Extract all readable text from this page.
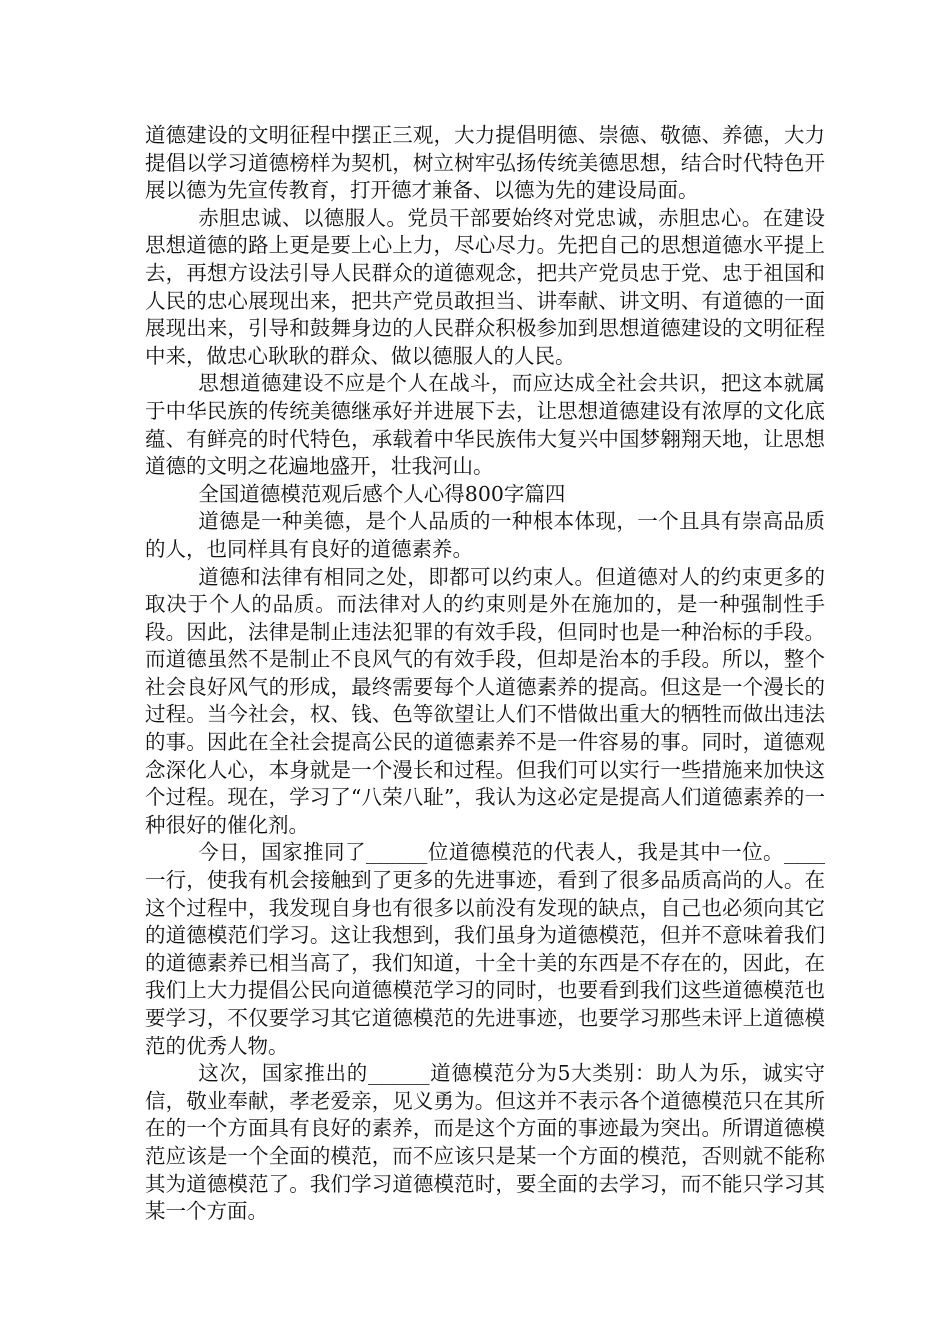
道德建设的文明征程中摆正三观，大力提倡明德、崇德、敬德、养德，大力提倡以学习道德榜样为契机，树立树牢弘扬传统美德思想，结合时代特色开展以德为先宣传教育，打开德才兼备、以德为先的建设局面。

赤胆忠诚、以德服人。党员干部要始终对党忠诚，赤胆忠心。在建设思想道德的路上更是要上心上力，尽心尽力。先把自己的思想道德水平提上去，再想方设法引导人民群众的道德观念，把共产党员忠于党、忠于祖国和人民的忠心展现出来，把共产党员敢担当、讲奉献、讲文明、有道德的一面展现出来，引导和鼓舞身边的人民群众积极参加到思想道德建设的文明征程中来，做忠心耿耿的群众、做以德服人的人民。

思想道德建设不应是个人在战斗，而应达成全社会共识，把这本就属于中华民族的传统美德继承好并进展下去，让思想道德建设有浓厚的文化底蕴、有鲜亮的时代特色，承载着中华民族伟大复兴中国梦翱翔天地，让思想道德的文明之花遍地盛开，壮我河山。

全国道德模范观后感个人心得800字篇四

道德是一种美德，是个人品质的一种根本体现，一个且具有崇高品质的人，也同样具有良好的道德素养。

道德和法律有相同之处，即都可以约束人。但道德对人的约束更多的取决于个人的品质。而法律对人的约束则是外在施加的，是一种强制性手段。因此，法律是制止违法犯罪的有效手段，但同时也是一种治标的手段。而道德虽然不是制止不良风气的有效手段，但却是治本的手段。所以，整个社会良好风气的形成，最终需要每个人道德素养的提高。但这是一个漫长的过程。当今社会，权、钱、色等欲望让人们不惜做出重大的牺牲而做出违法的事。因此在全社会提高公民的道德素养不是一件容易的事。同时，道德观念深化人心，本身就是一个漫长和过程。但我们可以实行一些措施来加快这个过程。现在，学习了“八荣八耻”，我认为这必定是提高人们道德素养的一种很好的催化剂。

今日，国家推同了______位道德模范的代表人，我是其中一位。____一行，使我有机会接触到了更多的先进事迹，看到了很多品质高尚的人。在这个过程中，我发现自身也有很多以前没有发现的缺点，自己也必须向其它的道德模范们学习。这让我想到，我们虽身为道德模范，但并不意味着我们的道德素养已相当高了，我们知道，十全十美的东西是不存在的，因此，在我们上大力提倡公民向道德模范学习的同时，也要看到我们这些道德模范也要学习，不仅要学习其它道德模范的先进事迹，也要学习那些未评上道德模范的优秀人物。

这次，国家推出的______道德模范分为5大类别：助人为乐，诚实守信，敬业奉献，孝老爱亲，见义勇为。但这并不表示各个道德模范只在其所在的一个方面具有良好的素养，而是这个方面的事迹最为突出。所谓道德模范应该是一个全面的模范，而不应该只是某一个方面的模范，否则就不能称其为道德模范了。我们学习道德模范时，要全面的去学习，而不能只学习其某一个方面。
